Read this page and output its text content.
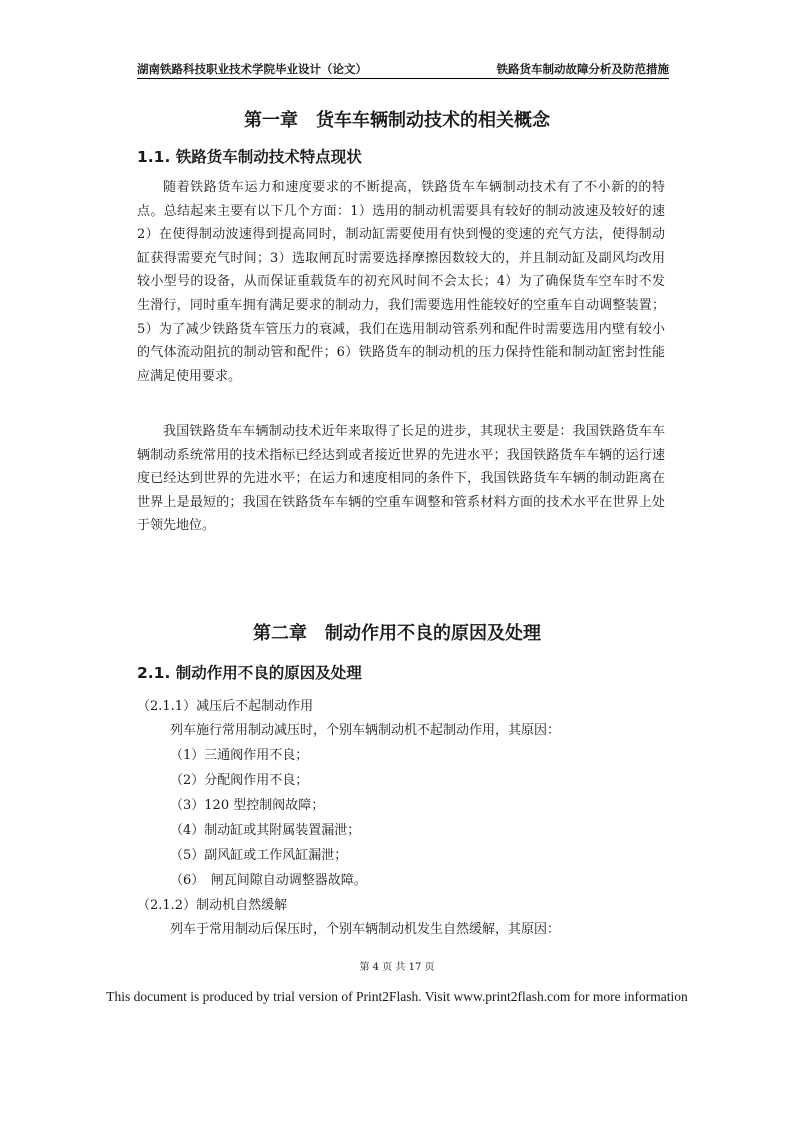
湖南铁路科技职业技术学院毕业设计（论文）	铁路货车制动故障分析及防范措施
第一章　货车车辆制动技术的相关概念
1.1. 铁路货车制动技术特点现状

随着铁路货车运力和速度要求的不断提高，铁路货车车辆制动技术有了不小新的的特点。总结起来主要有以下几个方面：1）选用的制动机需要具有较好的制动波速及较好的速 2）在使得制动波速得到提高同时，制动缸需要使用有快到慢的变速的充气方法，使得制动缸获得需要充气时间；3）选取闸瓦时需要选择摩擦因数较大的，并且制动缸及副风均改用较小型号的设备，从而保证重载货车的初充风时间不会太长；4）为了确保货车空车时不发生滑行，同时重车拥有满足要求的制动力，我们需要选用性能较好的空重车自动调整装置；5）为了减少铁路货车管压力的衰减，我们在选用制动管系列和配件时需要选用内壁有较小的气体流动阻抗的制动管和配件；6）铁路货车的制动机的压力保持性能和制动缸密封性能应满足使用要求。

我国铁路货车车辆制动技术近年来取得了长足的进步，其现状主要是：我国铁路货车车辆制动系统常用的技术指标已经达到或者接近世界的先进水平；我国铁路货车车辆的运行速度已经达到世界的先进水平；在运力和速度相同的条件下，我国铁路货车车辆的制动距离在世界上是最短的；我国在铁路货车车辆的空重车调整和管系材料方面的技术水平在世界上处于领先地位。

第二章　制动作用不良的原因及处理
2.1. 制动作用不良的原因及处理
（2.1.1）减压后不起制动作用
列车施行常用制动减压时，个别车辆制动机不起制动作用，其原因：
（1）三通阀作用不良；
（2）分配阀作用不良；
（3）120 型控制阀故障；
（4）制动缸或其附属装置漏泄；
（5）副风缸或工作风缸漏泄；
（6）　闸瓦间隙自动调整器故障。
（2.1.2）制动机自然缓解
列车于常用制动后保压时，个别车辆制动机发生自然缓解，其原因：
第 4 页 共 17 页
This document is produced by trial version of Print2Flash. Visit www.print2flash.com for more information
